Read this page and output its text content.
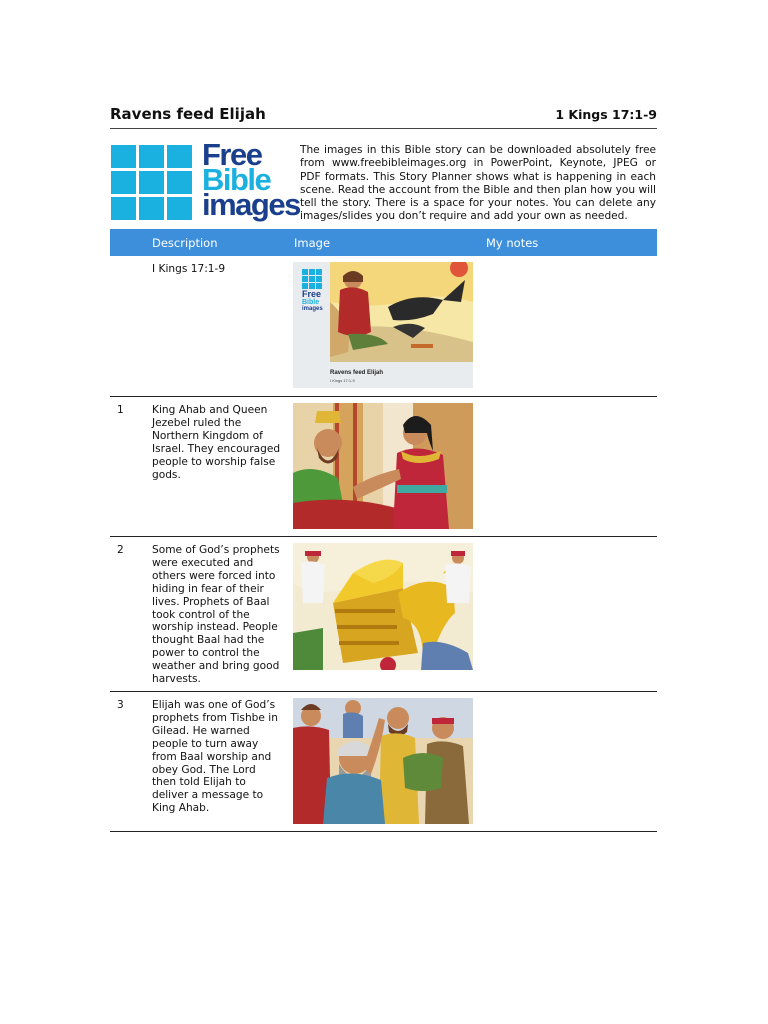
Ravens feed Elijah	1 Kings 17:1-9
Free
Bible
images
The images in this Bible story can be downloaded absolutely free from www.freebibleimages.org in PowerPoint, Keynote, JPEG or PDF formats. This Story Planner shows what is happening in each scene. Read the account from the Bible and then plan how you will tell the story. There is a space for your notes. You can delete any images/slides you don’t require and add your own as needed.
Description	Image	My notes
I Kings 17:1-9
Free
Bible
images
Ravens feed Elijah
I Kings 17:1-9
1	King Ahab and Queen Jezebel ruled the Northern Kingdom of Israel. They encouraged people to worship false gods.
2	Some of God’s prophets were executed and others were forced into hiding in fear of their lives. Prophets of Baal took control of the worship instead. People thought Baal had the power to control the weather and bring good harvests.
3	Elijah was one of God’s prophets from Tishbe in Gilead. He warned people to turn away from Baal worship and obey God. The Lord then told Elijah to deliver a message to King Ahab.
